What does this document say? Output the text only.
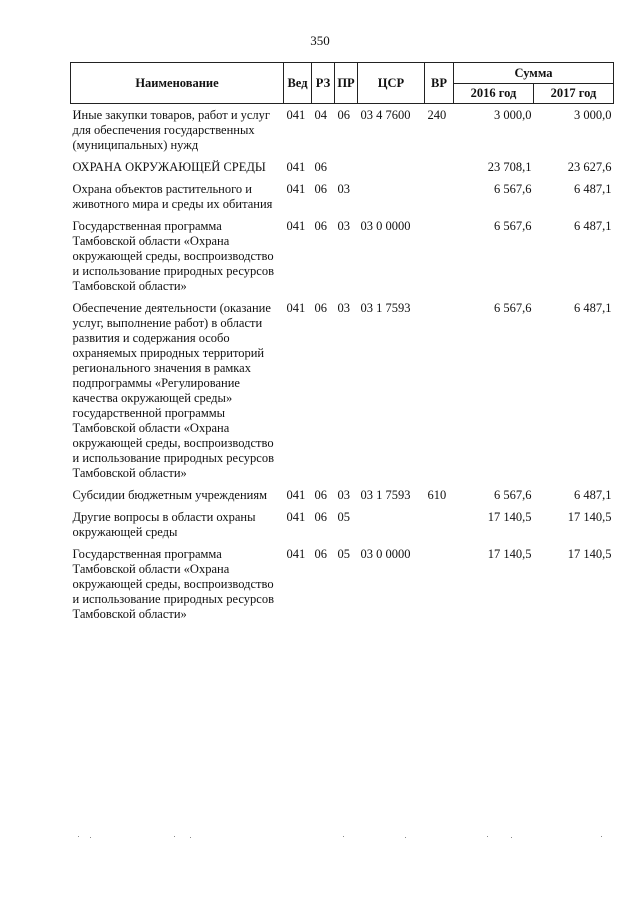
350
Наименование	Вед	РЗ	ПР	ЦСР	ВР	Сумма	
						2016 год	2017 год
Иные закупки товаров, работ и услуг для обеспечения государственных (муниципальных) нужд	041	04	06	03 4 7600	240	3 000,0	3 000,0
ОХРАНА ОКРУЖАЮЩЕЙ СРЕДЫ	041	06				23 708,1	23 627,6
Охрана объектов растительного и животного мира и среды их обитания	041	06	03			6 567,6	6 487,1
Государственная программа Тамбовской области «Охрана окружающей среды, воспроизводство и использование природных ресурсов Тамбовской области»	041	06	03	03 0 0000		6 567,6	6 487,1
Обеспечение деятельности (оказание услуг, выполнение работ) в области развития и содержания особо охраняемых природных территорий регионального значения в рамках подпрограммы «Регулирование качества окружающей среды» государственной программы Тамбовской области «Охрана окружающей среды, воспроизводство и использование природных ресурсов Тамбовской области»	041	06	03	03 1 7593		6 567,6	6 487,1
Субсидии бюджетным учреждениям	041	06	03	03 1 7593	610	6 567,6	6 487,1
Другие вопросы в области охраны окружающей среды	041	06	05			17 140,5	17 140,5
Государственная программа Тамбовской области «Охрана окружающей среды, воспроизводство и использование природных ресурсов Тамбовской области»	041	06	05	03 0 0000		17 140,5	17 140,5
